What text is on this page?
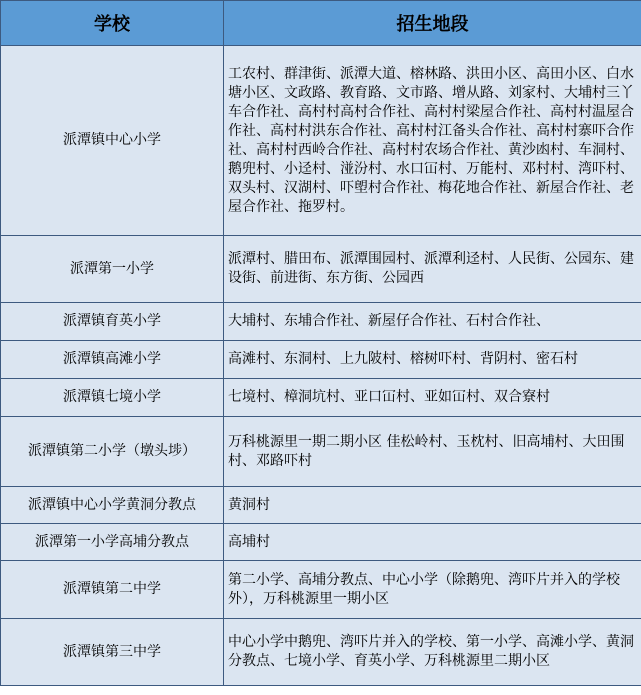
学校	招生地段
派潭镇中心小学	工农村、群津街、派潭大道、榕林路、洪田小区、高田小区、白水塘小区、文政路、教育路、文市路、增从路、刘家村、大埔村三丫车合作社、高村村高村合作社、高村村梁屋合作社、高村村温屋合作社、高村村洪东合作社、高村村江备头合作社、高村村寨吓合作社、高村村西岭合作社、高村村农场合作社、黄沙凼村、车洞村、鹅兜村、小迳村、湴汾村、水口冚村、万能村、邓村村、湾吓村、双头村、汉湖村、吓塱村合作社、梅花地合作社、新屋合作社、老屋合作社、拖罗村。
派潭第一小学	派潭村、腊田布、派潭围园村、派潭利迳村、人民街、公园东、建设街、前进街、东方街、公园西
派潭镇育英小学	大埔村、东埔合作社、新屋仔合作社、石村合作社、
派潭镇高滩小学	高滩村、东洞村、上九陂村、榕树吓村、背阴村、密石村
派潭镇七境小学	七境村、樟洞坑村、亚口冚村、亚如冚村、双合寮村
派潭镇第二小学（墩头埗）	万科桃源里一期二期小区 佳松岭村、玉枕村、旧高埔村、大田围村、邓路吓村
派潭镇中心小学黄洞分教点	黄洞村
派潭第一小学高埔分教点	高埔村
派潭镇第二中学	第二小学、高埔分教点、中心小学（除鹅兜、湾吓片并入的学校外），万科桃源里一期小区
派潭镇第三中学	中心小学中鹅兜、湾吓片并入的学校、第一小学、高滩小学、黄洞分教点、七境小学、育英小学、万科桃源里二期小区
